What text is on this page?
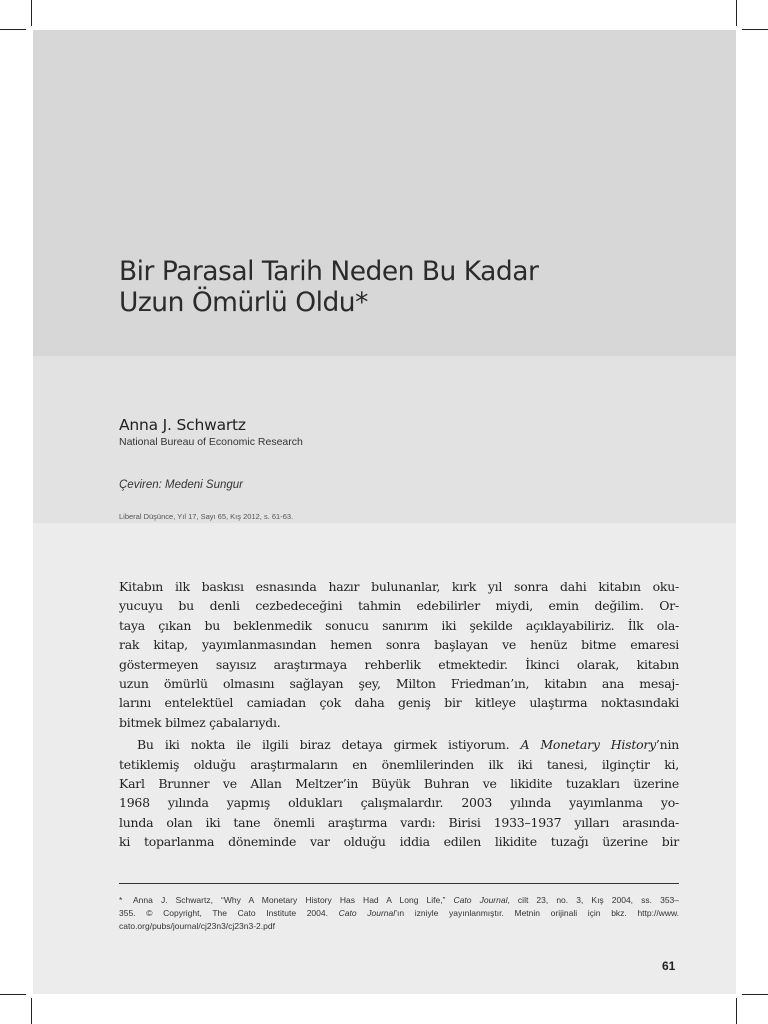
Bir Parasal Tarih Neden Bu Kadar
Uzun Ömürlü Oldu*
Anna J. Schwartz
National Bureau of Economic Research
Çeviren: Medeni Sungur
Liberal Düşünce, Yıl 17, Sayı 65, Kış 2012, s. 61-63.

Kitabın ilk baskısı esnasında hazır bulunanlar, kırk yıl sonra dahi kitabın oku-
yucuyu bu denli cezbedeceğini tahmin edebilirler miydi, emin değilim. Or-
taya çıkan bu beklenmedik sonucu sanırım iki şekilde açıklayabiliriz. İlk ola-
rak kitap, yayımlanmasından hemen sonra başlayan ve henüz bitme emaresi
göstermeyen sayısız araştırmaya rehberlik etmektedir. İkinci olarak, kitabın
uzun ömürlü olmasını sağlayan şey, Milton Friedman’ın, kitabın ana mesaj-
larını entelektüel camiadan çok daha geniş bir kitleye ulaştırma noktasındaki
bitmek bilmez çabalarıydı.

Bu iki nokta ile ilgili biraz detaya girmek istiyorum. A Monetary History’nin
tetiklemiş olduğu araştırmaların en önemlilerinden ilk iki tanesi, ilginçtir ki,
Karl Brunner ve Allan Meltzer’in Büyük Buhran ve likidite tuzakları üzerine
1968 yılında yapmış oldukları çalışmalardır. 2003 yılında yayımlanma yo-
lunda olan iki tane önemli araştırma vardı: Birisi 1933–1937 yılları arasında-
ki toparlanma döneminde var olduğu iddia edilen likidite tuzağı üzerine bir

* Anna J. Schwartz, “Why A Monetary History Has Had A Long Life,” Cato Journal, cilt 23, no. 3, Kış 2004, ss. 353–
355. © Copyright, The Cato Institute 2004. Cato Journal’ın izniyle yayınlanmıştır. Metnin orijinali için bkz. http://www.
cato.org/pubs/journal/cj23n3/cj23n3-2.pdf
61
